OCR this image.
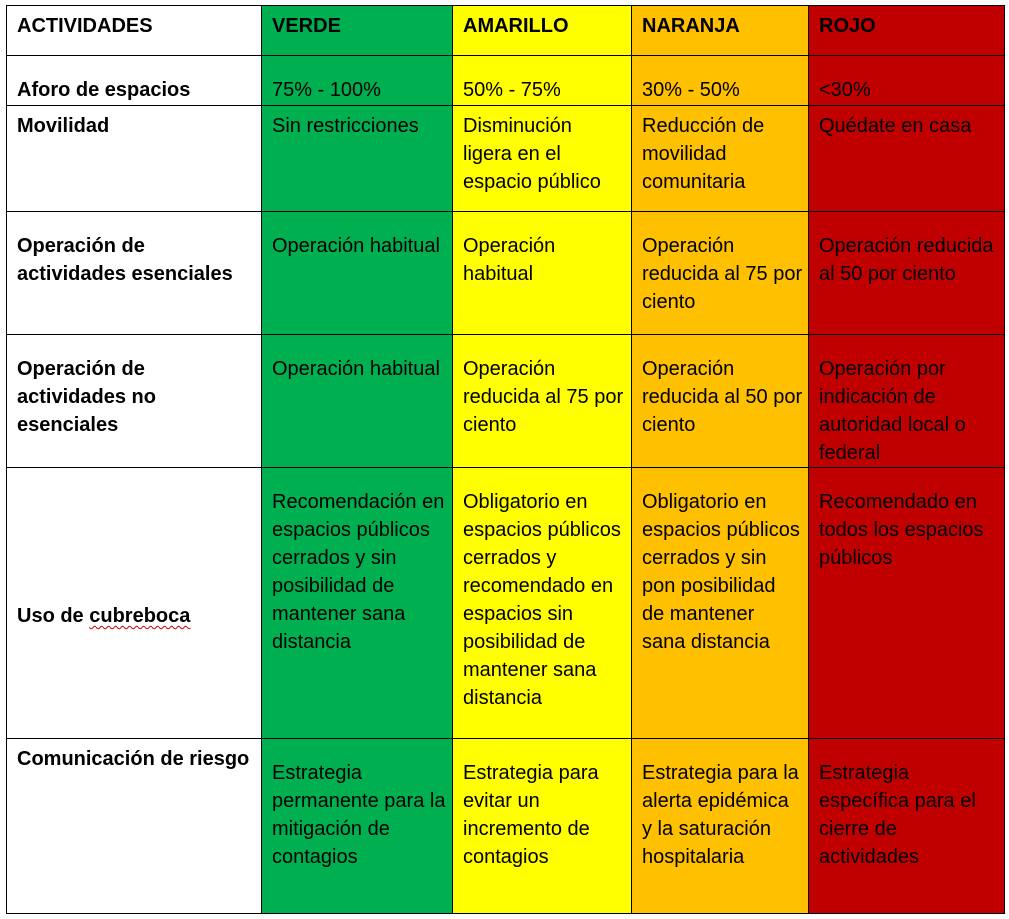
ACTIVIDADES	VERDE	AMARILLO	NARANJA	ROJO
Aforo de espacios	75% - 100%	50% - 75%	30% - 50%	<30%
Movilidad	Sin restricciones	Disminución ligera en el espacio público	Reducción de movilidad comunitaria	Quédate en casa
Operación de actividades esenciales	Operación habitual	Operación habitual	Operación reducida al 75 por ciento	Operación reducida al 50 por ciento
Operación de actividades no esenciales	Operación habitual	Operación reducida al 75 por ciento	Operación reducida al 50 por ciento	Operación por indicación de autoridad local o federal
Uso de cubreboca	Recomendación en espacios públicos cerrados y sin posibilidad de mantener sana distancia	Obligatorio en espacios públicos cerrados y recomendado en espacios sin posibilidad de mantener sana distancia	Obligatorio en espacios públicos cerrados y sin pon posibilidad de mantener sana distancia	Recomendado en todos los espacios públicos
Comunicación de riesgo	Estrategia permanente para la mitigación de contagios	Estrategia para evitar un incremento de contagios	Estrategia para la alerta epidémica y la saturación hospitalaria	Estrategia específica para el cierre de actividades
